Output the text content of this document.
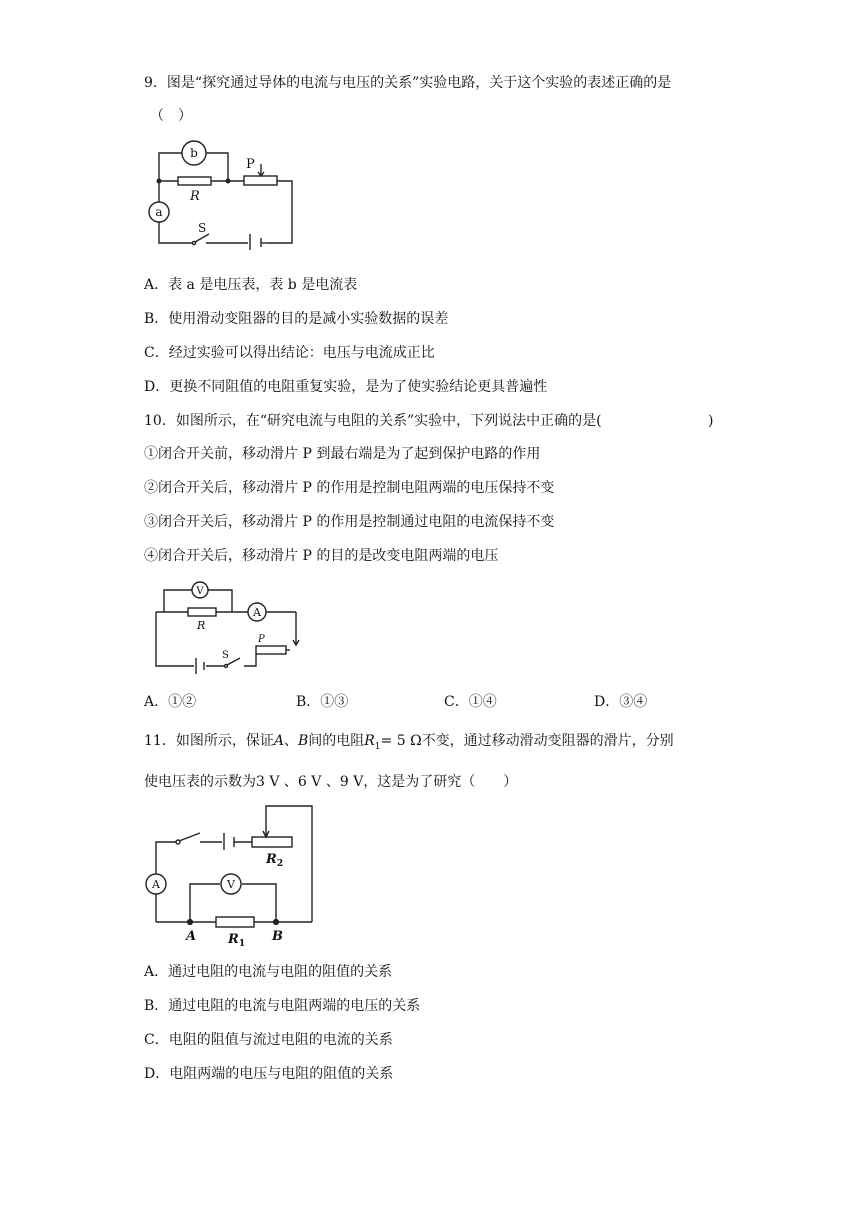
9．图是“探究通过导体的电流与电压的关系”实验电路，关于这个实验的表述正确的是
（　）
b
a
P
R
S
A．表 a 是电压表，表 b 是电流表
B．使用滑动变阻器的目的是减小实验数据的误差
C．经过实验可以得出结论：电压与电流成正比
D．更换不同阻值的电阻重复实验，是为了使实验结论更具普遍性
10．如图所示，在“研究电流与电阻的关系”实验中，下列说法中正确的是(	)
①闭合开关前，移动滑片 P 到最右端是为了起到保护电路的作用
②闭合开关后，移动滑片 P 的作用是控制电阻两端的电压保持不变
③闭合开关后，移动滑片 P 的作用是控制通过电阻的电流保持不变
④闭合开关后，移动滑片 P 的目的是改变电阻两端的电压
V
A
R
S
P
A．①②	B．①③	C．①④	D．③④
11．如图所示，保证A、B间的电阻$R_1= 5$ Ω不变，通过移动滑动变阻器的滑片，分别
使电压表的示数为3 V 、6 V 、9 V，这是为了研究（　　）
A	V
$R_2$
$R_1$
A	B
A．通过电阻的电流与电阻的阻值的关系
B．通过电阻的电流与电阻两端的电压的关系
C．电阻的阻值与流过电阻的电流的关系
D．电阻两端的电压与电阻的阻值的关系
